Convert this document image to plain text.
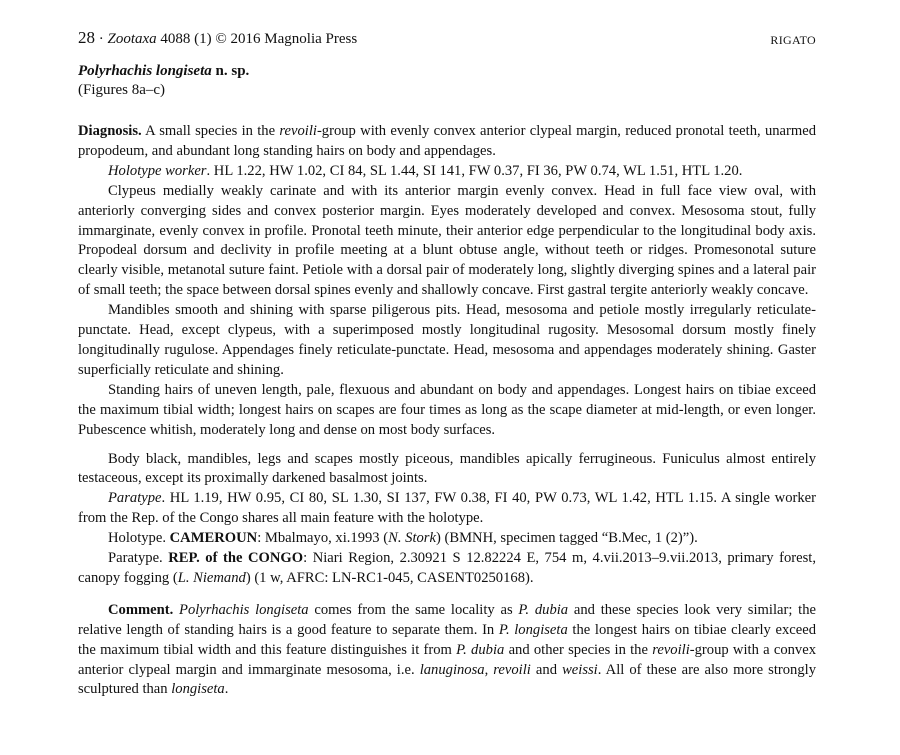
28 · Zootaxa 4088 (1) © 2016 Magnolia Press	RIGATO
Polyrhachis longiseta n. sp.
(Figures 8a–c)

Diagnosis. A small species in the revoili-group with evenly convex anterior clypeal margin, reduced pronotal teeth, unarmed propodeum, and abundant long standing hairs on body and appendages.

Holotype worker. HL 1.22, HW 1.02, CI 84, SL 1.44, SI 141, FW 0.37, FI 36, PW 0.74, WL 1.51, HTL 1.20.

Clypeus medially weakly carinate and with its anterior margin evenly convex. Head in full face view oval, with anteriorly converging sides and convex posterior margin. Eyes moderately developed and convex. Mesosoma stout, fully immarginate, evenly convex in profile. Pronotal teeth minute, their anterior edge perpendicular to the longitudinal body axis. Propodeal dorsum and declivity in profile meeting at a blunt obtuse angle, without teeth or ridges. Promesonotal suture clearly visible, metanotal suture faint. Petiole with a dorsal pair of moderately long, slightly diverging spines and a lateral pair of small teeth; the space between dorsal spines evenly and shallowly concave. First gastral tergite anteriorly weakly concave.

Mandibles smooth and shining with sparse piligerous pits. Head, mesosoma and petiole mostly irregularly reticulate-punctate. Head, except clypeus, with a superimposed mostly longitudinal rugosity. Mesosomal dorsum mostly finely longitudinally rugulose. Appendages finely reticulate-punctate. Head, mesosoma and appendages moderately shining. Gaster superficially reticulate and shining.

Standing hairs of uneven length, pale, flexuous and abundant on body and appendages. Longest hairs on tibiae exceed the maximum tibial width; longest hairs on scapes are four times as long as the scape diameter at mid-length, or even longer. Pubescence whitish, moderately long and dense on most body surfaces.

Body black, mandibles, legs and scapes mostly piceous, mandibles apically ferrugineous. Funiculus almost entirely testaceous, except its proximally darkened basalmost joints.

Paratype. HL 1.19, HW 0.95, CI 80, SL 1.30, SI 137, FW 0.38, FI 40, PW 0.73, WL 1.42, HTL 1.15. A single worker from the Rep. of the Congo shares all main feature with the holotype.

Holotype. CAMEROUN: Mbalmayo, xi.1993 (N. Stork) (BMNH, specimen tagged “B.Mec, 1 (2)”).

Paratype. REP. of the CONGO: Niari Region, 2.30921 S 12.82224 E, 754 m, 4.vii.2013–9.vii.2013, primary forest, canopy fogging (L. Niemand) (1 w, AFRC: LN-RC1-045, CASENT0250168).

Comment. Polyrhachis longiseta comes from the same locality as P. dubia and these species look very similar; the relative length of standing hairs is a good feature to separate them. In P. longiseta the longest hairs on tibiae clearly exceed the maximum tibial width and this feature distinguishes it from P. dubia and other species in the revoili-group with a convex anterior clypeal margin and immarginate mesosoma, i.e. lanuginosa, revoili and weissi. All of these are also more strongly sculptured than longiseta.
